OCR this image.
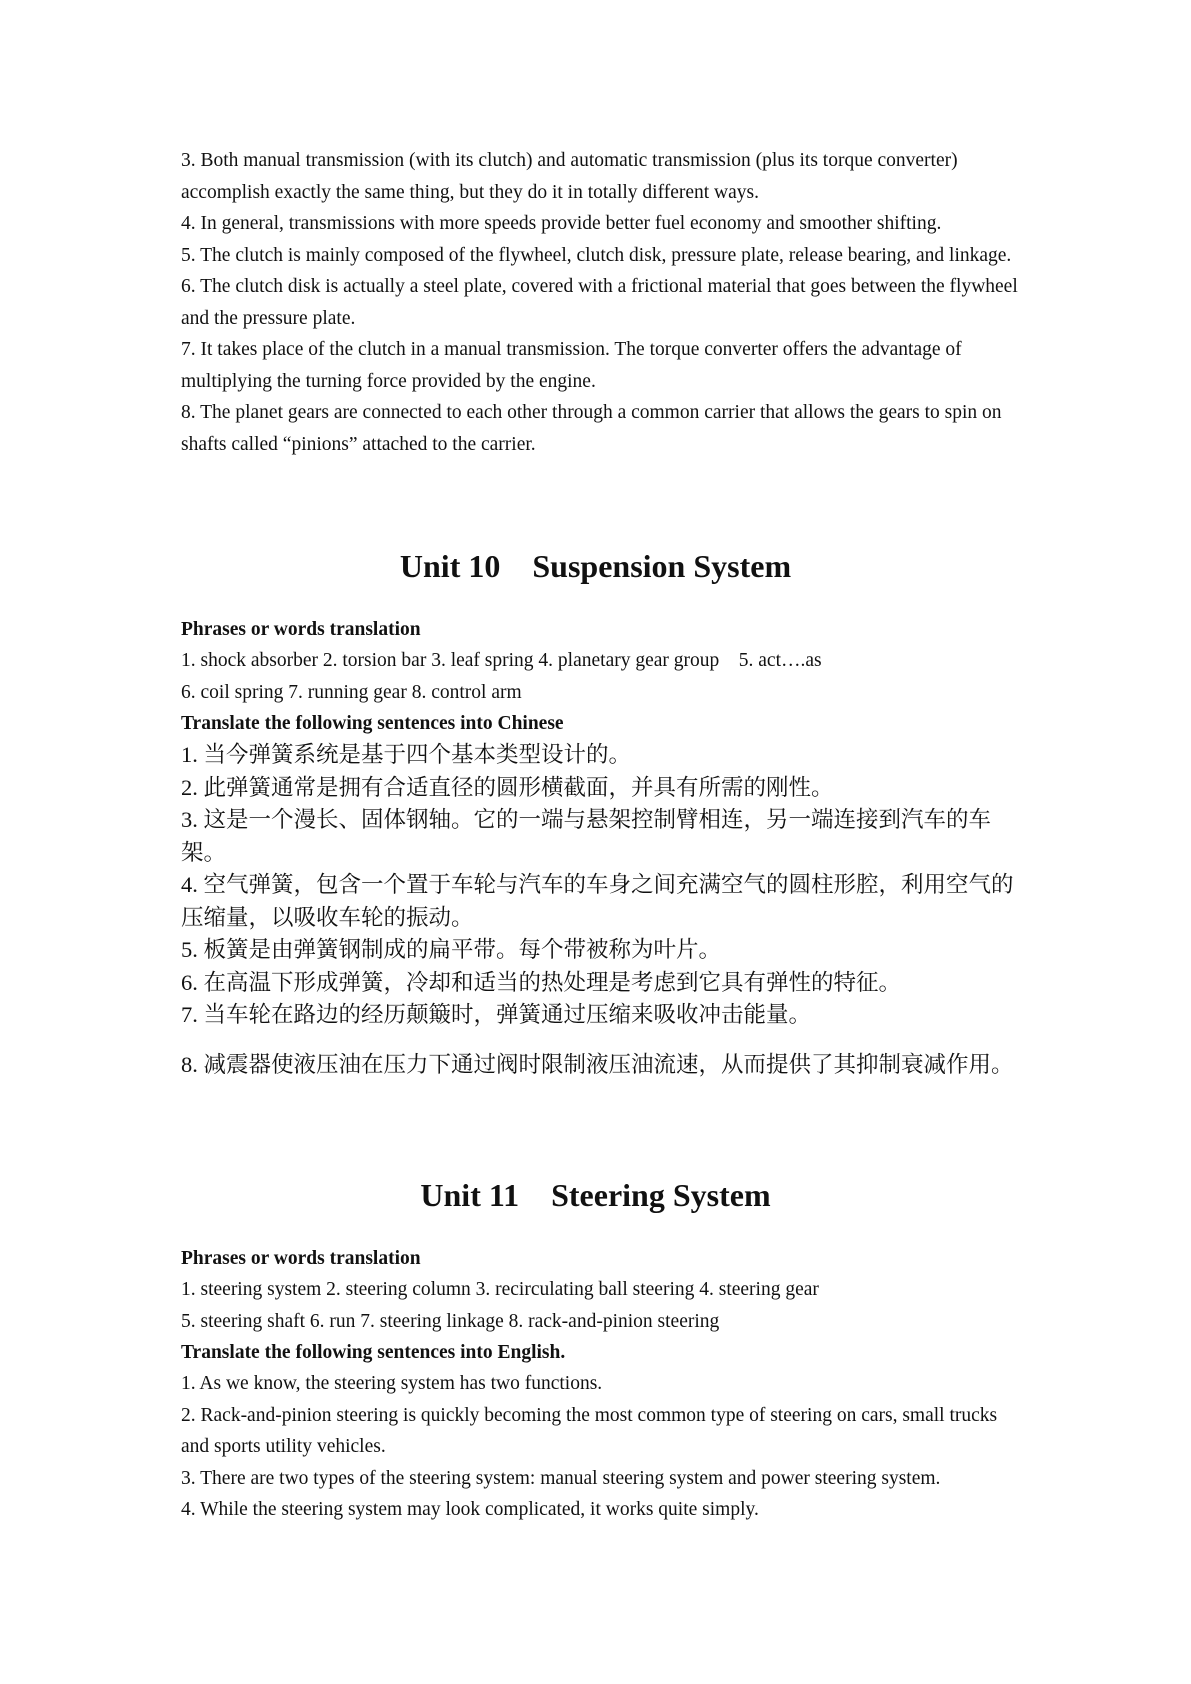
3. Both manual transmission (with its clutch) and automatic transmission (plus its torque converter) accomplish exactly the same thing, but they do it in totally different ways.

4. In general, transmissions with more speeds provide better fuel economy and smoother shifting.

5. The clutch is mainly composed of the flywheel, clutch disk, pressure plate, release bearing, and linkage.

6. The clutch disk is actually a steel plate, covered with a frictional material that goes between the flywheel and the pressure plate.

7. It takes place of the clutch in a manual transmission. The torque converter offers the advantage of multiplying the turning force provided by the engine.

8. The planet gears are connected to each other through a common carrier that allows the gears to spin on shafts called “pinions” attached to the carrier.

Unit 10    Suspension System

Phrases or words translation

1. shock absorber 2. torsion bar 3. leaf spring 4. planetary gear group    5. act….as

6. coil spring 7. running gear 8. control arm

Translate the following sentences into Chinese

1. 当今弹簧系统是基于四个基本类型设计的。

2. 此弹簧通常是拥有合适直径的圆形横截面，并具有所需的刚性。

3. 这是一个漫长、固体钢轴。它的一端与悬架控制臂相连，另一端连接到汽车的车架。

4. 空气弹簧，包含一个置于车轮与汽车的车身之间充满空气的圆柱形腔，利用空气的压缩量，以吸收车轮的振动。

5. 板簧是由弹簧钢制成的扁平带。每个带被称为叶片。

6. 在高温下形成弹簧，冷却和适当的热处理是考虑到它具有弹性的特征。

7. 当车轮在路边的经历颠簸时，弹簧通过压缩来吸收冲击能量。

8. 减震器使液压油在压力下通过阀时限制液压油流速，从而提供了其抑制衰减作用。

Unit 11    Steering System

Phrases or words translation

1. steering system 2. steering column 3. recirculating ball steering 4. steering gear

5. steering shaft 6. run 7. steering linkage 8. rack-and-pinion steering

Translate the following sentences into English.

1. As we know, the steering system has two functions.

2. Rack-and-pinion steering is quickly becoming the most common type of steering on cars, small trucks and sports utility vehicles.

3. There are two types of the steering system: manual steering system and power steering system.

4. While the steering system may look complicated, it works quite simply.
